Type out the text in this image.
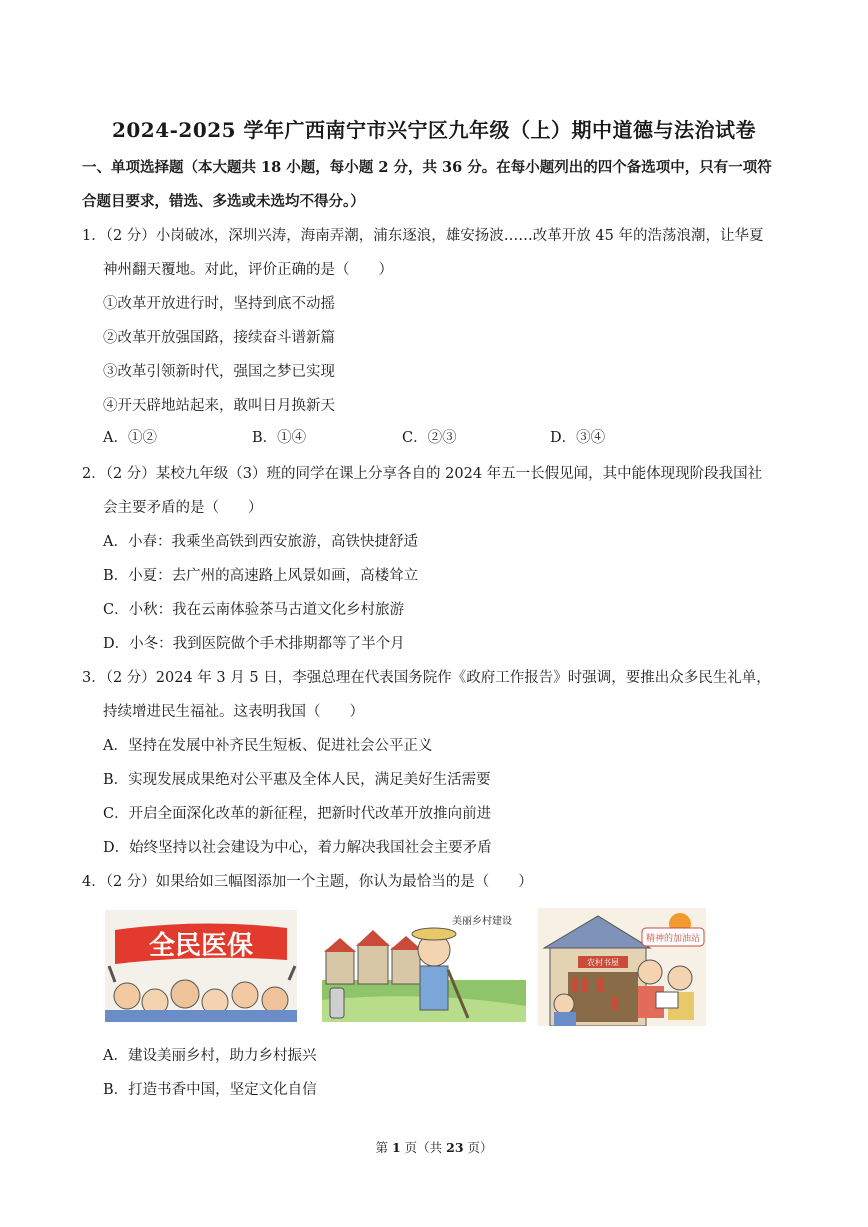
2024-2025 学年广西南宁市兴宁区九年级（上）期中道德与法治试卷
一、单项选择题（本大题共 18 小题，每小题 2 分，共 36 分。在每小题列出的四个备选项中，只有一项符
合题目要求，错选、多选或未选均不得分。）
1．（2 分）小岗破冰，深圳兴涛，海南弄潮，浦东逐浪，雄安扬波……改革开放 45 年的浩荡浪潮，让华夏
神州翻天覆地。对此，评价正确的是（　　）
①改革开放进行时，坚持到底不动摇
②改革开放强国路，接续奋斗谱新篇
③改革引领新时代，强国之梦已实现
④开天辟地站起来，敢叫日月换新天
A．①②	B．①④	C．②③	D．③④
2．（2 分）某校九年级（3）班的同学在课上分享各自的 2024 年五一长假见闻，其中能体现现阶段我国社
会主要矛盾的是（　　）
A．小春：我乘坐高铁到西安旅游，高铁快捷舒适
B．小夏：去广州的高速路上风景如画，高楼耸立
C．小秋：我在云南体验茶马古道文化乡村旅游
D．小冬：我到医院做个手术排期都等了半个月
3．（2 分）2024 年 3 月 5 日，李强总理在代表国务院作《政府工作报告》时强调，要推出众多民生礼单，
持续增进民生福祉。这表明我国（　　）
A．坚持在发展中补齐民生短板、促进社会公平正义
B．实现发展成果绝对公平惠及全体人民，满足美好生活需要
C．开启全面深化改革的新征程，把新时代改革开放推向前进
D．始终坚持以社会建设为中心，着力解决我国社会主要矛盾
4．（2 分）如果给如三幅图添加一个主题，你认为最恰当的是（　　）
全民医保
美丽乡村建设
农村书屋
精神的加油站
A．建设美丽乡村，助力乡村振兴
B．打造书香中国，坚定文化自信
第 1 页（共 23 页）
